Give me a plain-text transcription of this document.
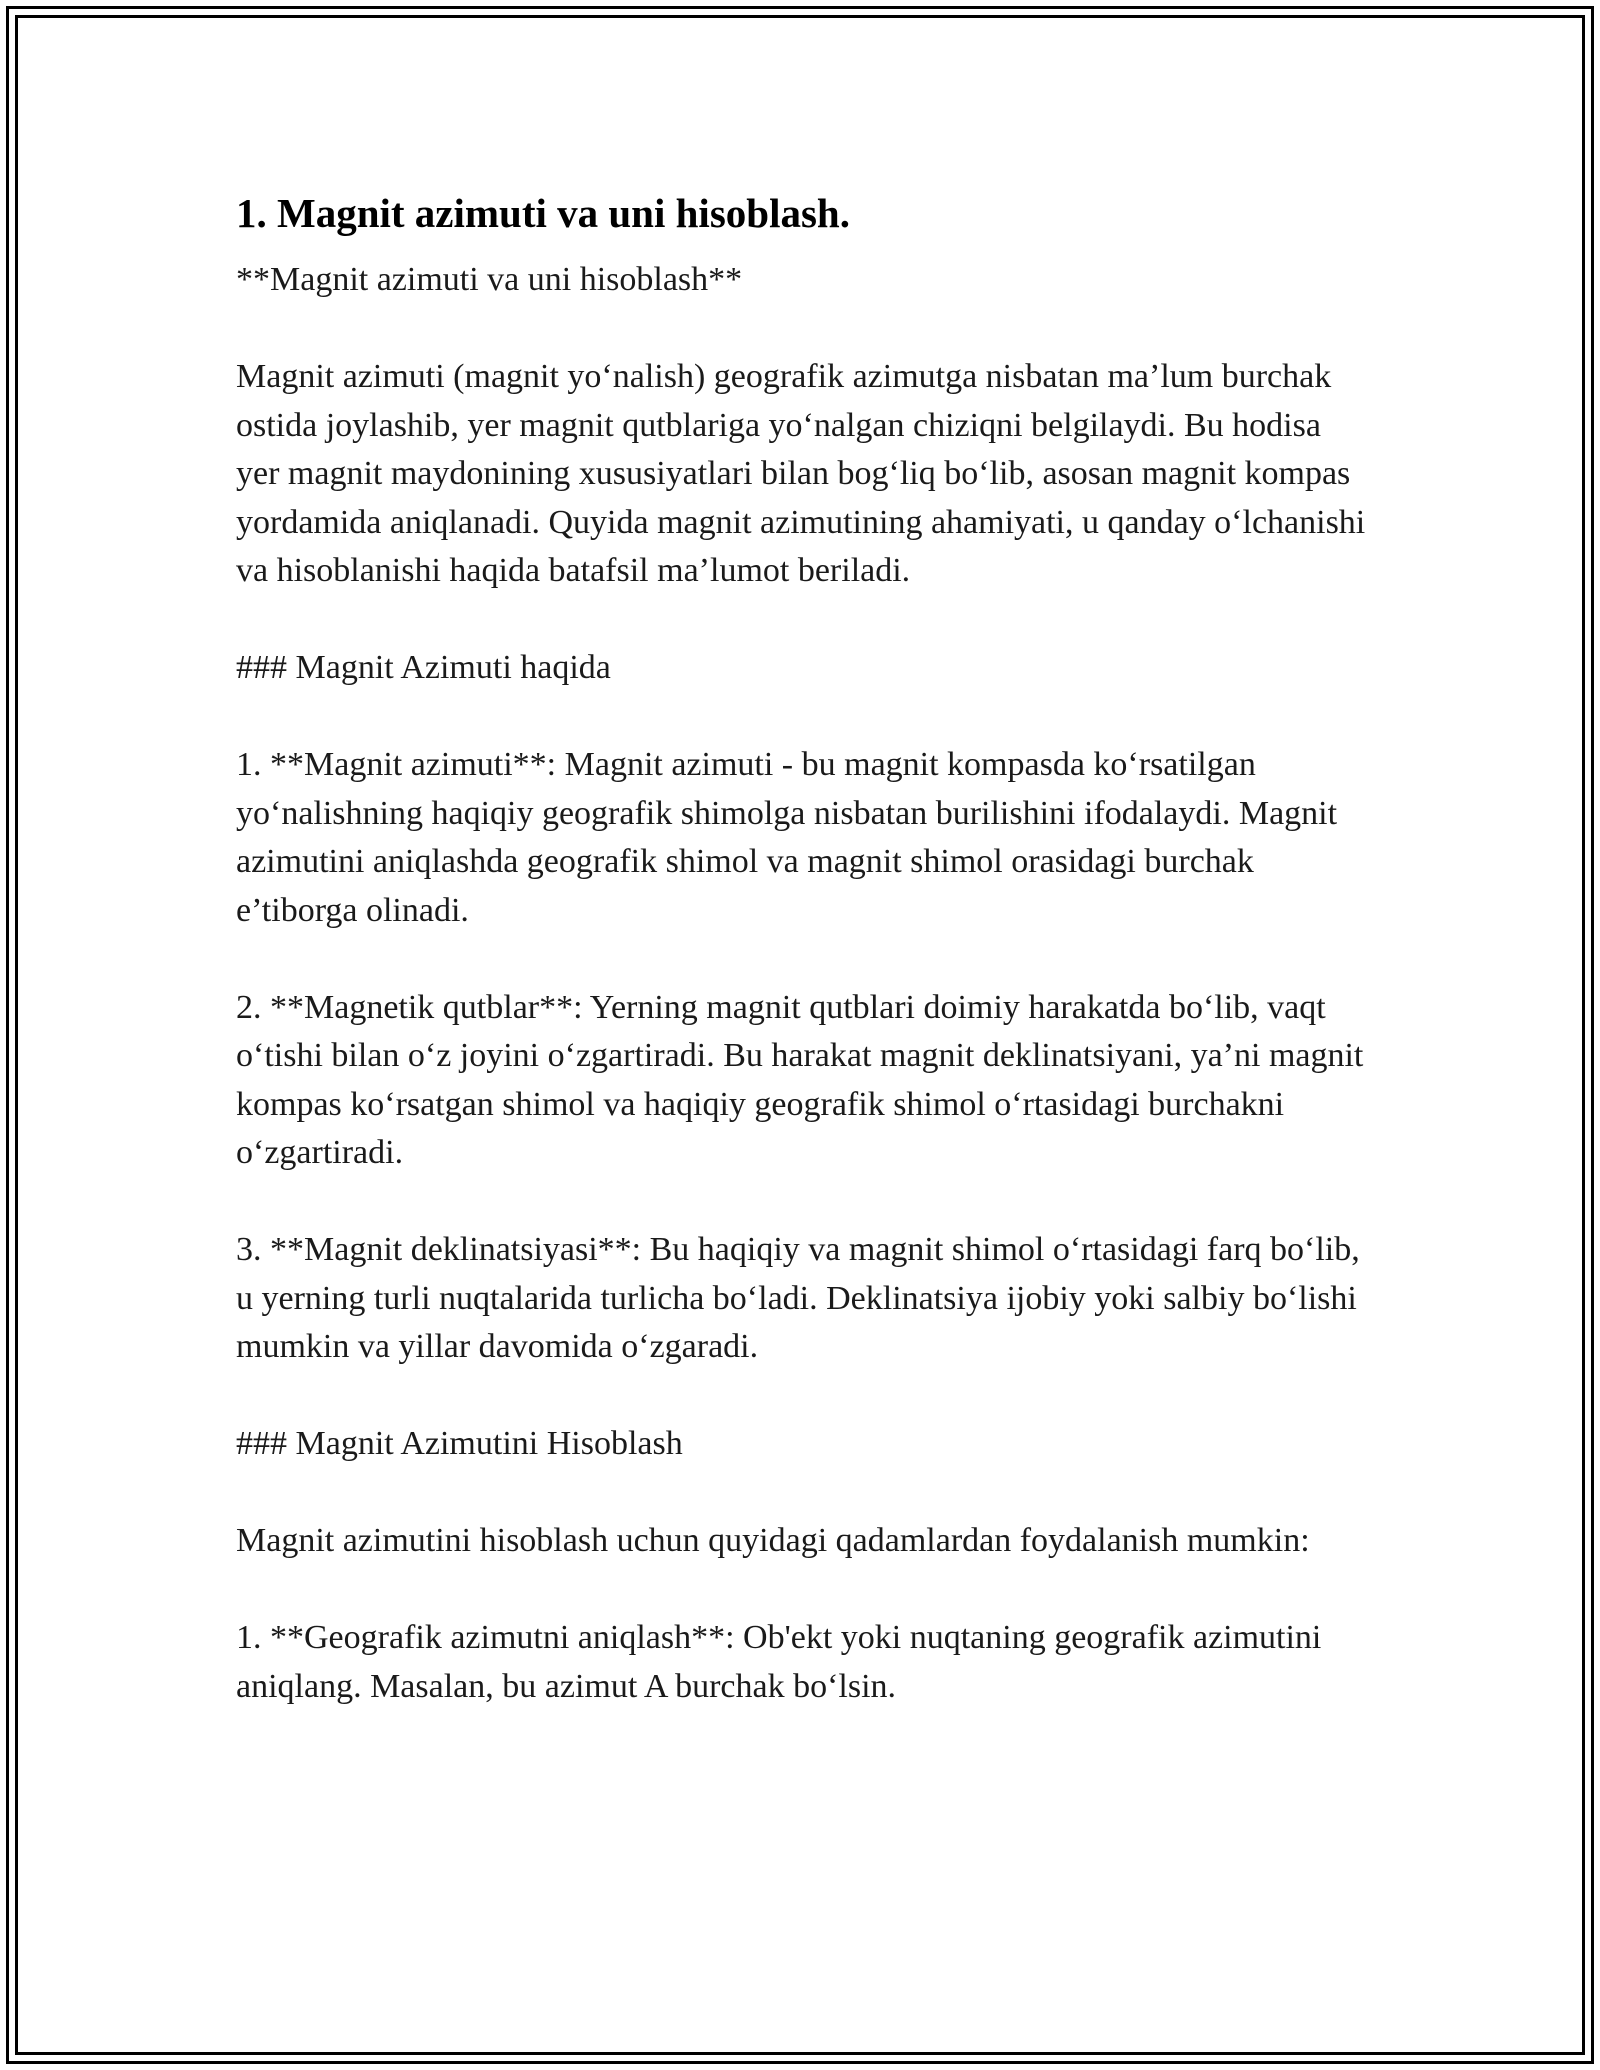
1. Magnit azimuti va uni hisoblash.

**Magnit azimuti va uni hisoblash**

Magnit azimuti (magnit yo‘nalish) geografik azimutga nisbatan ma’lum burchak ostida joylashib, yer magnit qutblariga yo‘nalgan chiziqni belgilaydi. Bu hodisa yer magnit maydonining xususiyatlari bilan bog‘liq bo‘lib, asosan magnit kompas yordamida aniqlanadi. Quyida magnit azimutining ahamiyati, u qanday o‘lchanishi va hisoblanishi haqida batafsil ma’lumot beriladi.

### Magnit Azimuti haqida

1. **Magnit azimuti**: Magnit azimuti - bu magnit kompasda ko‘rsatilgan yo‘nalishning haqiqiy geografik shimolga nisbatan burilishini ifodalaydi. Magnit azimutini aniqlashda geografik shimol va magnit shimol orasidagi burchak e’tiborga olinadi.

2. **Magnetik qutblar**: Yerning magnit qutblari doimiy harakatda bo‘lib, vaqt o‘tishi bilan o‘z joyini o‘zgartiradi. Bu harakat magnit deklinatsiyani, ya’ni magnit kompas ko‘rsatgan shimol va haqiqiy geografik shimol o‘rtasidagi burchakni o‘zgartiradi.

3. **Magnit deklinatsiyasi**: Bu haqiqiy va magnit shimol o‘rtasidagi farq bo‘lib, u yerning turli nuqtalarida turlicha bo‘ladi. Deklinatsiya ijobiy yoki salbiy bo‘lishi mumkin va yillar davomida o‘zgaradi.

### Magnit Azimutini Hisoblash

Magnit azimutini hisoblash uchun quyidagi qadamlardan foydalanish mumkin:

1. **Geografik azimutni aniqlash**: Ob'ekt yoki nuqtaning geografik azimutini aniqlang. Masalan, bu azimut A burchak bo‘lsin.
